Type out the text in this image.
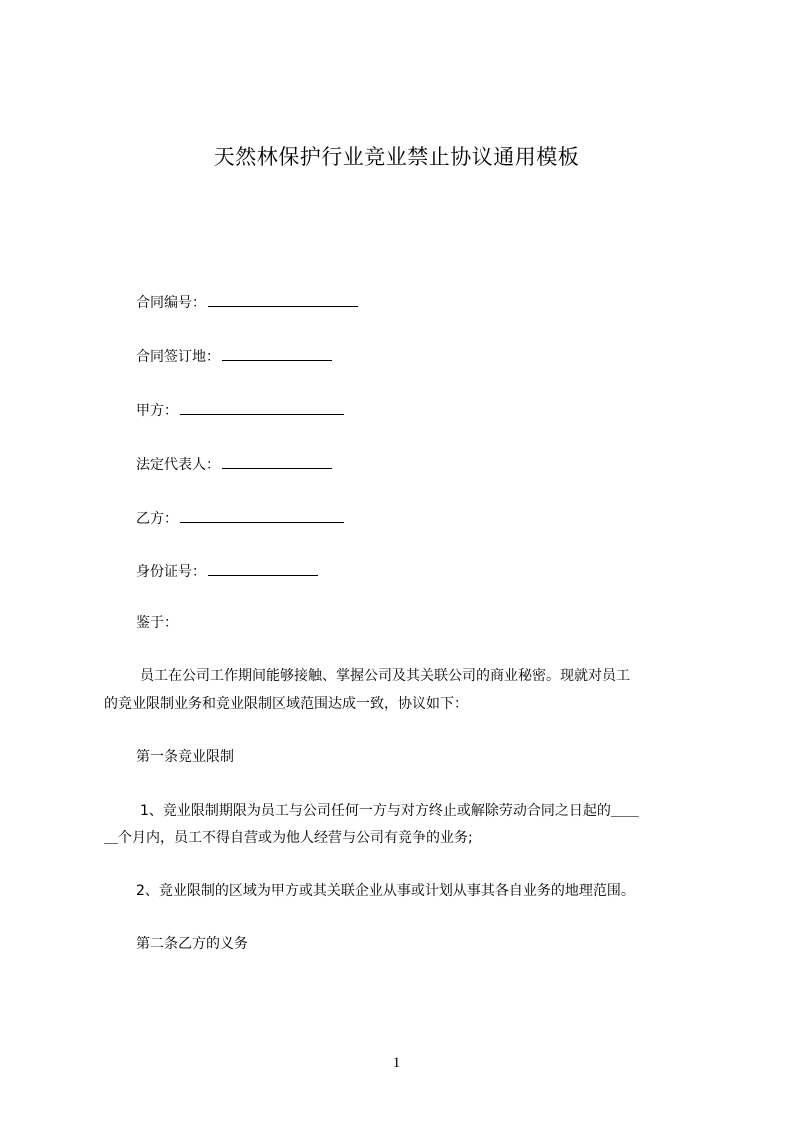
天然林保护行业竞业禁止协议通用模板
合同编号：
合同签订地：
甲方：
法定代表人：
乙方：
身份证号：
鉴于：
员工在公司工作期间能够接触、掌握公司及其关联公司的商业秘密。现就对员工
的竞业限制业务和竞业限制区域范围达成一致，协议如下：
第一条竞业限制
1、竞业限制期限为员工与公司任何一方与对方终止或解除劳动合同之日起的＿＿
＿个月内，员工不得自营或为他人经营与公司有竞争的业务;
2、竞业限制的区域为甲方或其关联企业从事或计划从事其各自业务的地理范围。
第二条乙方的义务
1
